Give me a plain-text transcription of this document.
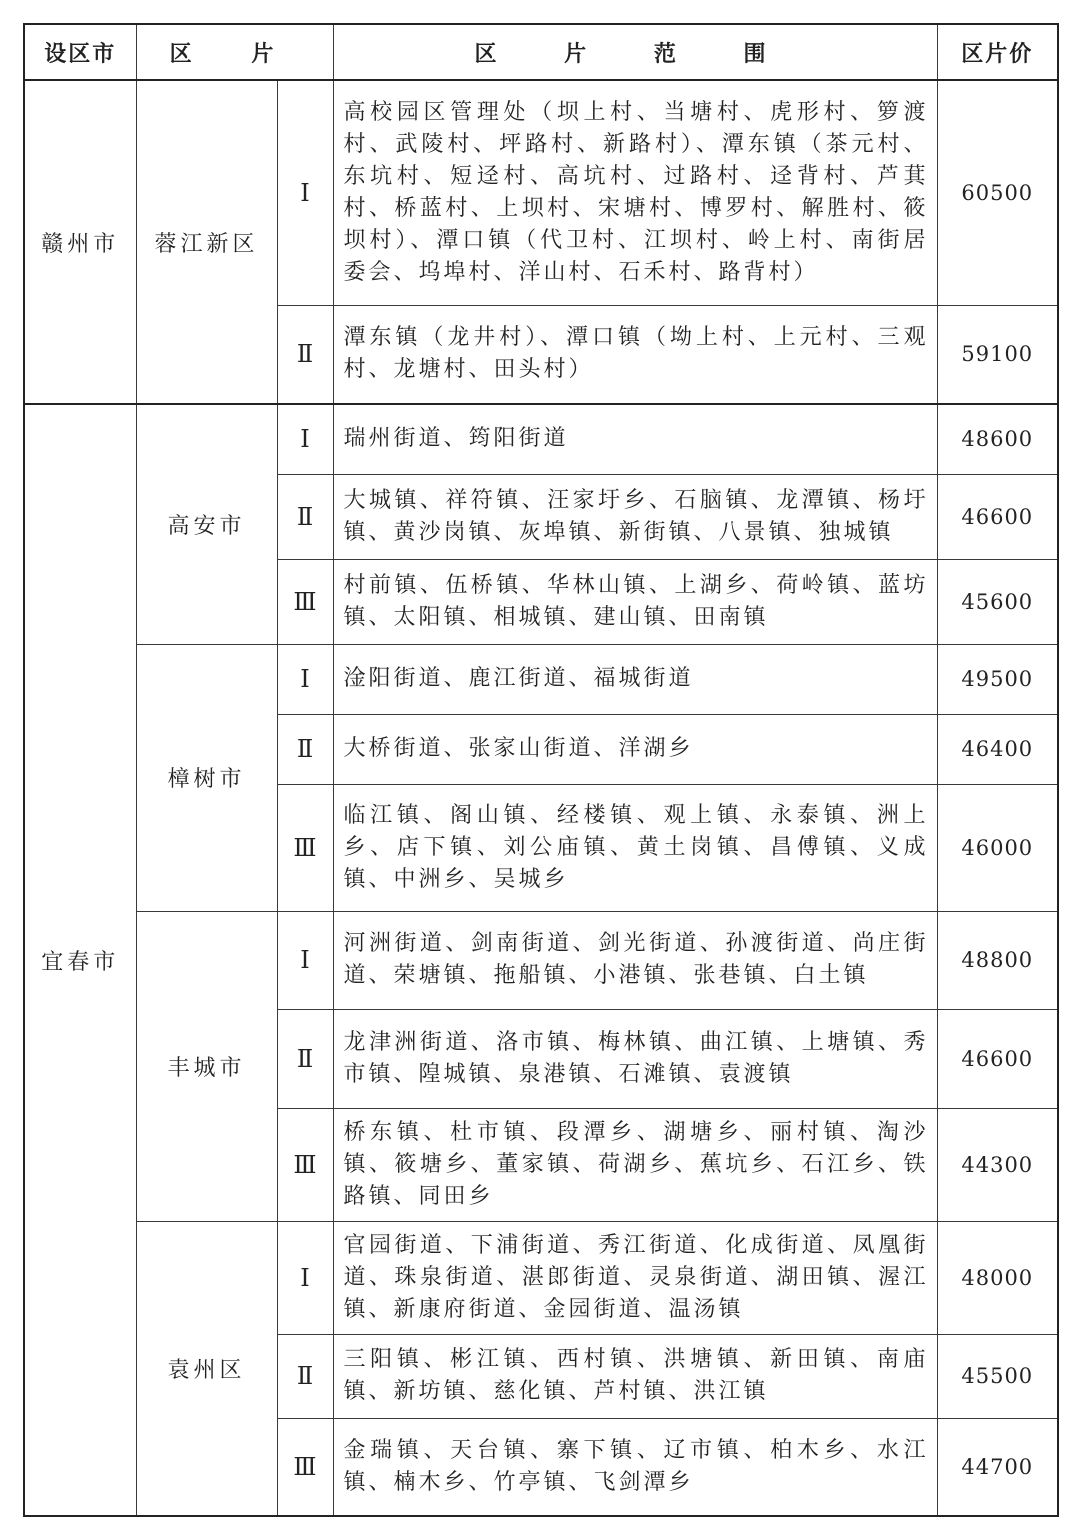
设区市	区 片		区 片 范 围	区片价
赣州市	蓉江新区	Ⅰ	高校园区管理处（坝上村、当塘村、虎形村、箩渡村、武陵村、坪路村、新路村）、潭东镇（茶元村、东坑村、短迳村、高坑村、过路村、迳背村、芦萁村、桥蓝村、上坝村、宋塘村、博罗村、解胜村、筱坝村）、潭口镇（代卫村、江坝村、岭上村、南街居委会、坞埠村、洋山村、石禾村、路背村）	60500
		Ⅱ	潭东镇（龙井村）、潭口镇（坳上村、上元村、三观村、龙塘村、田头村）	59100
宜春市	高安市	Ⅰ	瑞州街道、筠阳街道	48600
		Ⅱ	大城镇、祥符镇、汪家圩乡、石脑镇、龙潭镇、杨圩镇、黄沙岗镇、灰埠镇、新街镇、八景镇、独城镇	46600
		Ⅲ	村前镇、伍桥镇、华林山镇、上湖乡、荷岭镇、蓝坊镇、太阳镇、相城镇、建山镇、田南镇	45600
	樟树市	Ⅰ	淦阳街道、鹿江街道、福城街道	49500
		Ⅱ	大桥街道、张家山街道、洋湖乡	46400
		Ⅲ	临江镇、阁山镇、经楼镇、观上镇、永泰镇、洲上乡、店下镇、刘公庙镇、黄土岗镇、昌傅镇、义成镇、中洲乡、吴城乡	46000
	丰城市	Ⅰ	河洲街道、剑南街道、剑光街道、孙渡街道、尚庄街道、荣塘镇、拖船镇、小港镇、张巷镇、白土镇	48800
		Ⅱ	龙津洲街道、洛市镇、梅林镇、曲江镇、上塘镇、秀市镇、隍城镇、泉港镇、石滩镇、袁渡镇	46600
		Ⅲ	桥东镇、杜市镇、段潭乡、湖塘乡、丽村镇、淘沙镇、筱塘乡、董家镇、荷湖乡、蕉坑乡、石江乡、铁路镇、同田乡	44300
	袁州区	Ⅰ	官园街道、下浦街道、秀江街道、化成街道、凤凰街道、珠泉街道、湛郎街道、灵泉街道、湖田镇、渥江镇、新康府街道、金园街道、温汤镇	48000
		Ⅱ	三阳镇、彬江镇、西村镇、洪塘镇、新田镇、南庙镇、新坊镇、慈化镇、芦村镇、洪江镇	45500
		Ⅲ	金瑞镇、天台镇、寨下镇、辽市镇、柏木乡、水江镇、楠木乡、竹亭镇、飞剑潭乡	44700
